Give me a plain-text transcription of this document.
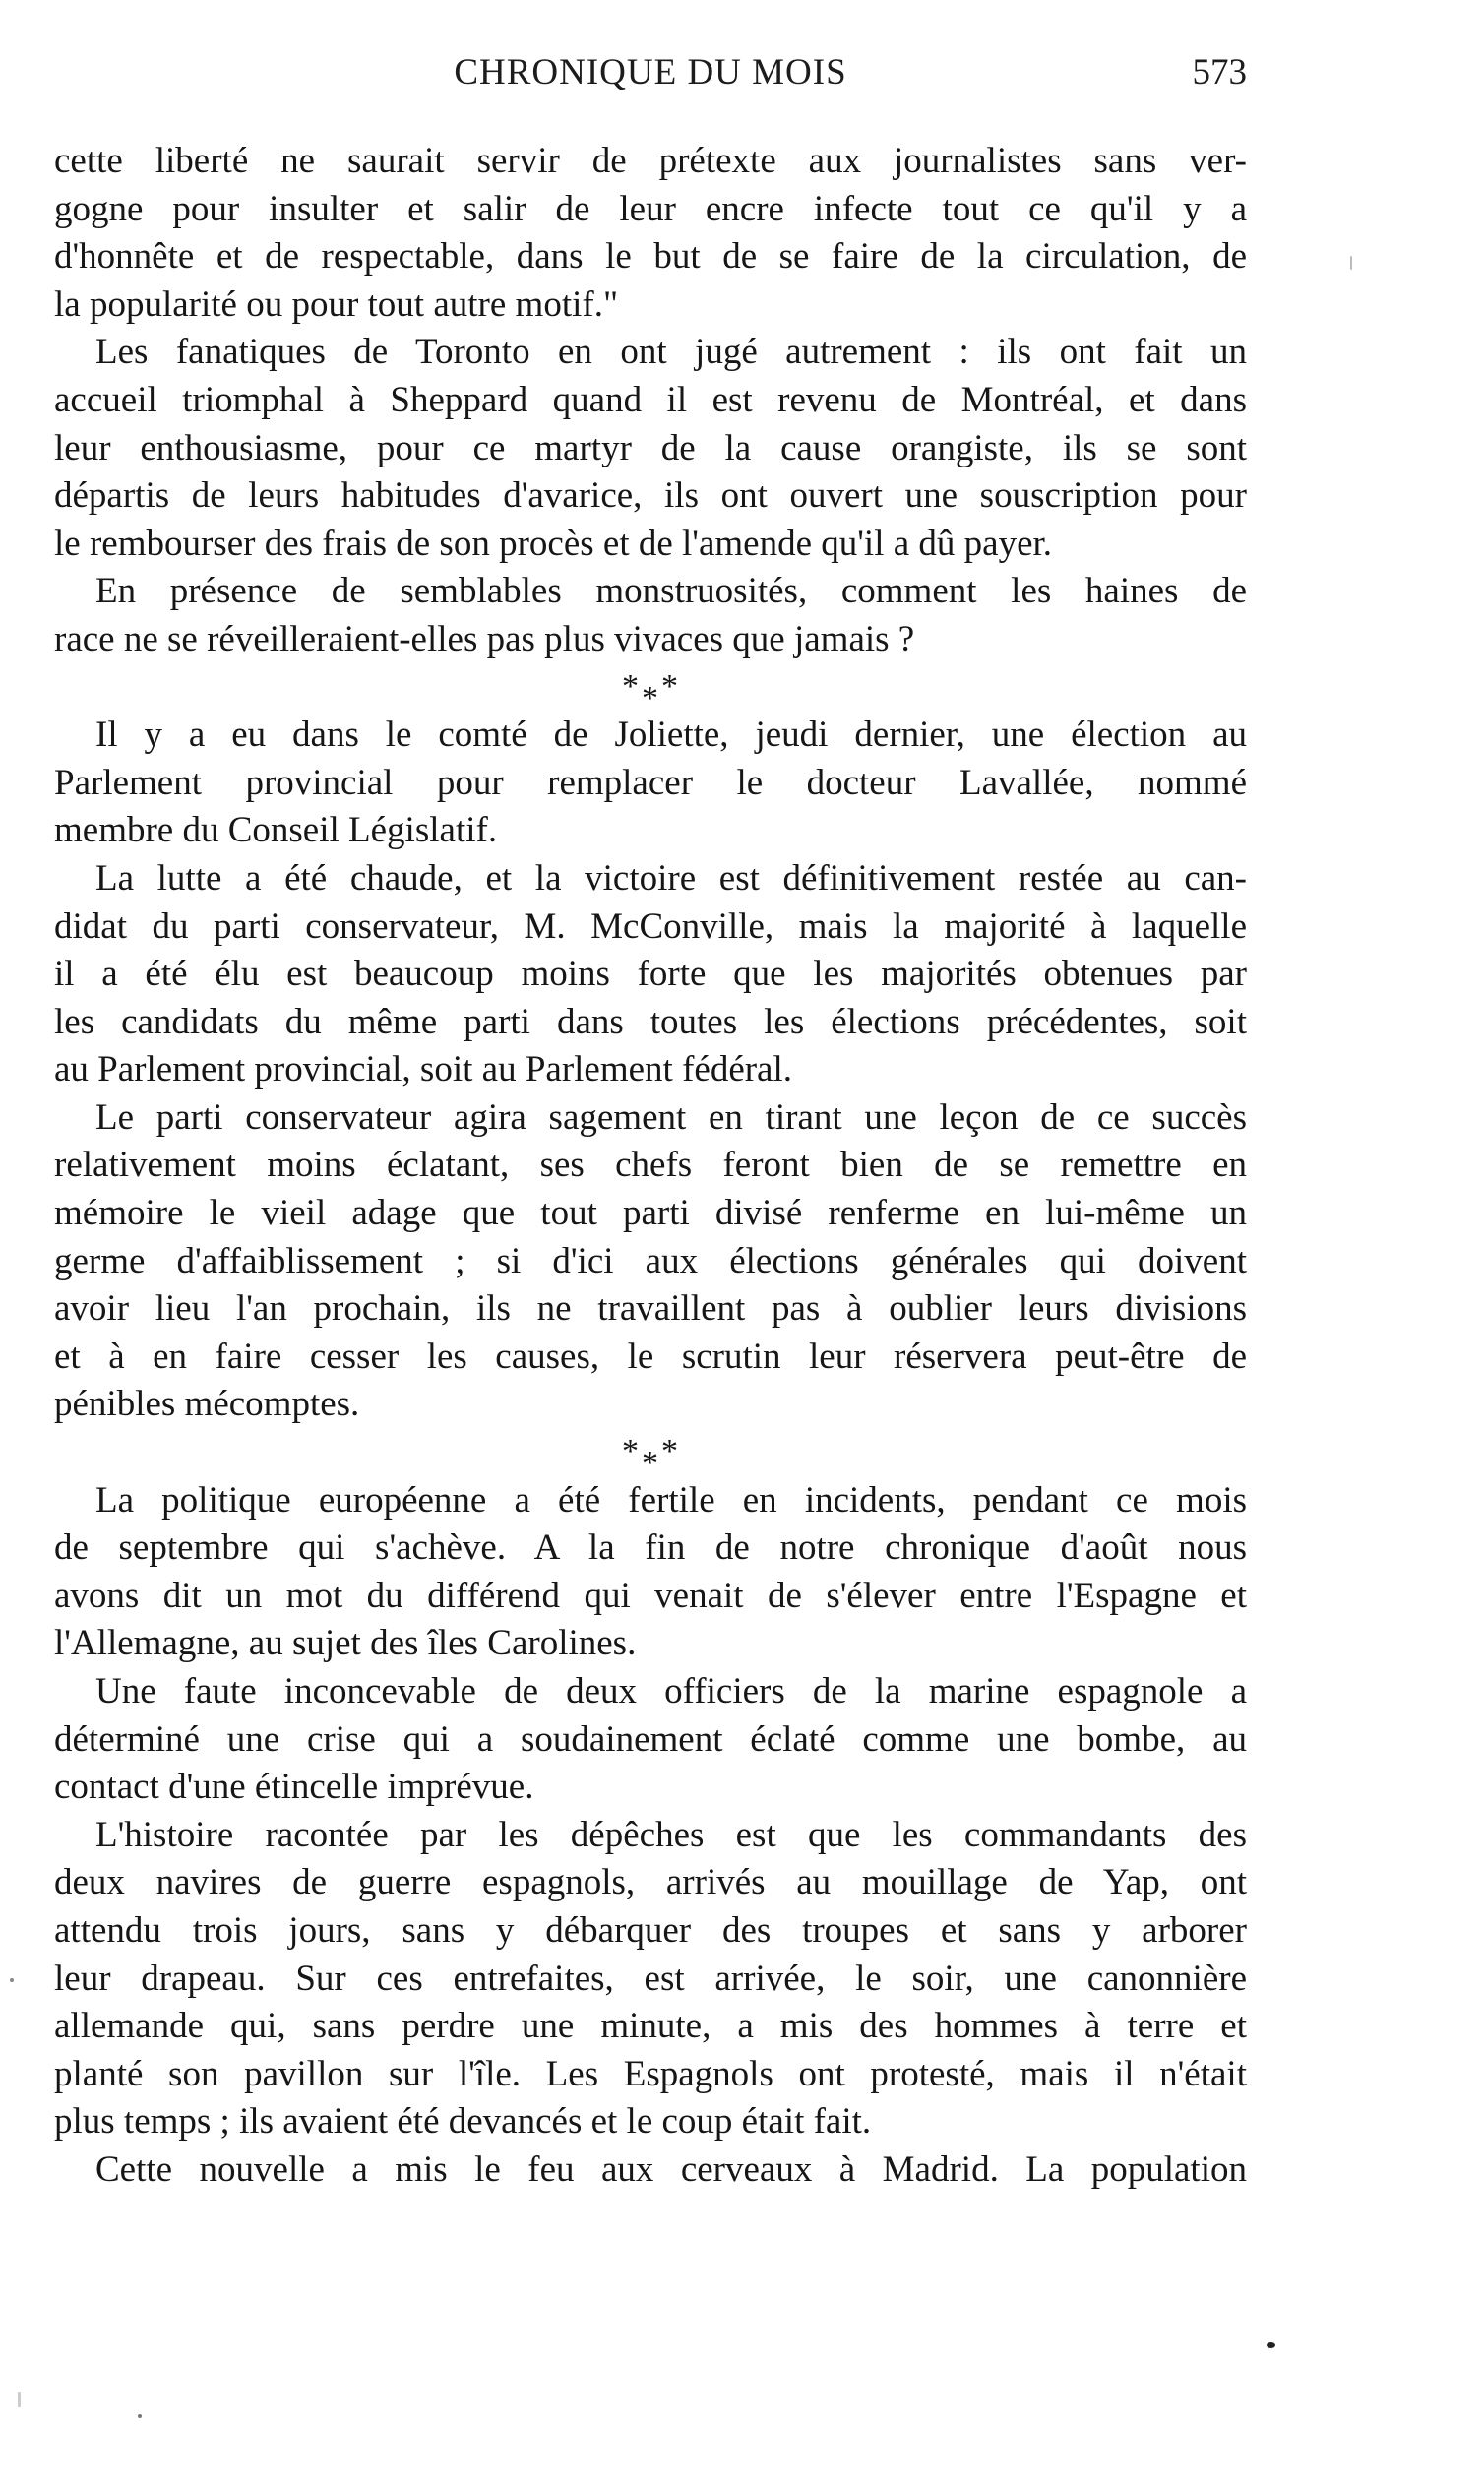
CHRONIQUE DU MOIS	573
cette liberté ne saurait servir de prétexte aux journalistes sans ver-
gogne pour insulter et salir de leur encre infecte tout ce qu'il y a
d'honnête et de respectable, dans le but de se faire de la circulation, de
la popularité ou pour tout autre motif."
Les fanatiques de Toronto en ont jugé autrement : ils ont fait un
accueil triomphal à Sheppard quand il est revenu de Montréal, et dans
leur enthousiasme, pour ce martyr de la cause orangiste, ils se sont
départis de leurs habitudes d'avarice, ils ont ouvert une souscription pour
le rembourser des frais de son procès et de l'amende qu'il a dû payer.
En présence de semblables monstruosités, comment les haines de
race ne se réveilleraient-elles pas plus vivaces que jamais ?
* * *
Il y a eu dans le comté de Joliette, jeudi dernier, une élection au
Parlement provincial pour remplacer le docteur Lavallée, nommé
membre du Conseil Législatif.
La lutte a été chaude, et la victoire est définitivement restée au can-
didat du parti conservateur, M. McConville, mais la majorité à laquelle
il a été élu est beaucoup moins forte que les majorités obtenues par
les candidats du même parti dans toutes les élections précédentes, soit
au Parlement provincial, soit au Parlement fédéral.
Le parti conservateur agira sagement en tirant une leçon de ce succès
relativement moins éclatant, ses chefs feront bien de se remettre en
mémoire le vieil adage que tout parti divisé renferme en lui-même un
germe d'affaiblissement ; si d'ici aux élections générales qui doivent
avoir lieu l'an prochain, ils ne travaillent pas à oublier leurs divisions
et à en faire cesser les causes, le scrutin leur réservera peut-être de
pénibles mécomptes.
* * *
La politique européenne a été fertile en incidents, pendant ce mois
de septembre qui s'achève. A la fin de notre chronique d'août nous
avons dit un mot du différend qui venait de s'élever entre l'Espagne et
l'Allemagne, au sujet des îles Carolines.
Une faute inconcevable de deux officiers de la marine espagnole a
déterminé une crise qui a soudainement éclaté comme une bombe, au
contact d'une étincelle imprévue.
L'histoire racontée par les dépêches est que les commandants des
deux navires de guerre espagnols, arrivés au mouillage de Yap, ont
attendu trois jours, sans y débarquer des troupes et sans y arborer
leur drapeau. Sur ces entrefaites, est arrivée, le soir, une canonnière
allemande qui, sans perdre une minute, a mis des hommes à terre et
planté son pavillon sur l'île. Les Espagnols ont protesté, mais il n'était
plus temps ; ils avaient été devancés et le coup était fait.
Cette nouvelle a mis le feu aux cerveaux à Madrid. La population
